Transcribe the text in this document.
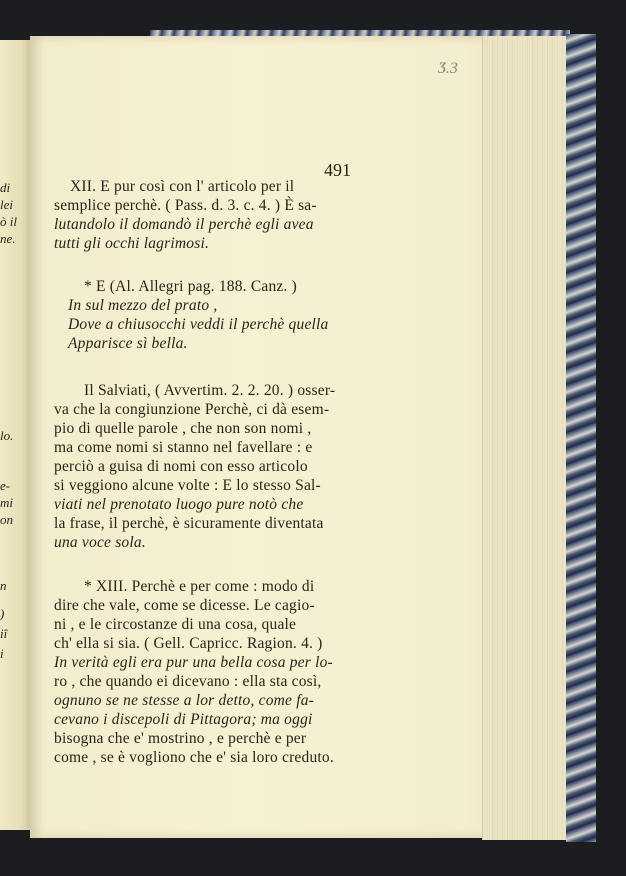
di
lei
ò il
ne.
lo.
e-
mi
on
n
)
iî
i
Ӡ.3
491
XII. E pur così con l' articolo per il
semplice perchè. ( Pass. d. 3. c. 4. ) È sa-
lutandolo il domandò il perchè egli avea
tutti gli occhi lagrimosi.
* E (Al. Allegri pag. 188. Canz. )
In sul mezzo del prato ,
Dove a chiusocchi veddi il perchè quella
Apparisce sì bella.
Il Salviati, ( Avvertim. 2. 2. 20. ) osser-
va che la congiunzione Perchè, ci dà esem-
pio di quelle parole , che non son nomi ,
ma come nomi si stanno nel favellare : e
perciò a guisa di nomi con esso articolo
si veggiono alcune volte : E lo stesso Sal-
viati nel prenotato luogo pure notò che
la frase, il perchè, è sicuramente diventata
una voce sola.
* XIII. Perchè e per come : modo di
dire che vale, come se dicesse. Le cagio-
ni , e le circostanze di una cosa, quale
ch' ella si sia. ( Gell. Capricc. Ragion. 4. )
In verità egli era pur una bella cosa per lo-
ro , che quando ei dicevano : ella sta così,
ognuno se ne stesse a lor detto, come fa-
cevano i discepoli di Pittagora; ma oggi
bisogna che e' mostrino , e perchè e per
come , se è vogliono che e' sia loro creduto.
